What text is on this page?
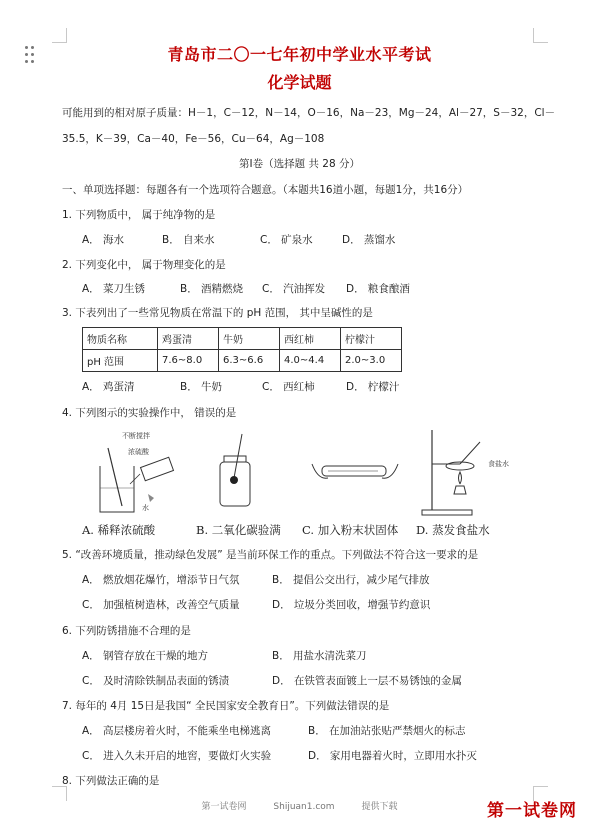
青岛市二〇一七年初中学业水平考试
化学试题
可能用到的相对原子质量：H－1，C－12，N－14，O－16，Na－23，Mg－24，Al－27，S－32，Cl－
35.5，K－39，Ca－40，Fe－56，Cu－64，Ag－108
第Ⅰ卷（选择题 共 28 分）
一、单项选择题：每题各有一个选项符合题意。（本题共16道小题，每题1分，共16分）
1. 下列物质中， 属于纯净物的是
A． 海水	B． 自来水	C． 矿泉水	D． 蒸馏水
2. 下列变化中， 属于物理变化的是
A． 菜刀生锈	B． 酒精燃烧 C． 汽油挥发 D． 粮食酿酒
3. 下表列出了一些常见物质在常温下的 pH 范围， 其中呈碱性的是
物质名称	鸡蛋清	牛奶	西红柿	柠檬汁
pH 范围	7.6~8.0	6.3~6.6	4.0~4.4	2.0~3.0
A． 鸡蛋清	B． 牛奶	C． 西红柿	D． 柠檬汁
4. 下列图示的实验操作中， 错误的是
不断搅拌
浓硫酸
水
食盐水
A. 稀释浓硫酸	B. 二氧化碳验满 C. 加入粉末状固体 D. 蒸发食盐水
5. “改善环境质量，推动绿色发展” 是当前环保工作的重点。下列做法不符合这一要求的是
A． 燃放烟花爆竹，增添节日气氛	B． 提倡公交出行，减少尾气排放
C． 加强植树造林，改善空气质量	D． 垃圾分类回收，增强节约意识
6. 下列防锈措施不合理的是
A． 钢管存放在干燥的地方	B． 用盐水清洗菜刀
C． 及时清除铁制品表面的锈渍	D． 在铁管表面镀上一层不易锈蚀的金属
7. 每年的 4月 15日是我国“ 全民国家安全教育日”。下列做法错误的是
A． 高层楼房着火时，不能乘坐电梯逃离	B． 在加油站张贴严禁烟火的标志
C． 进入久未开启的地窖，要做灯火实验	D． 家用电器着火时，立即用水扑灭
8. 下列做法正确的是
第一试卷网	Shijuan1.com	提供下载	第一试卷网
